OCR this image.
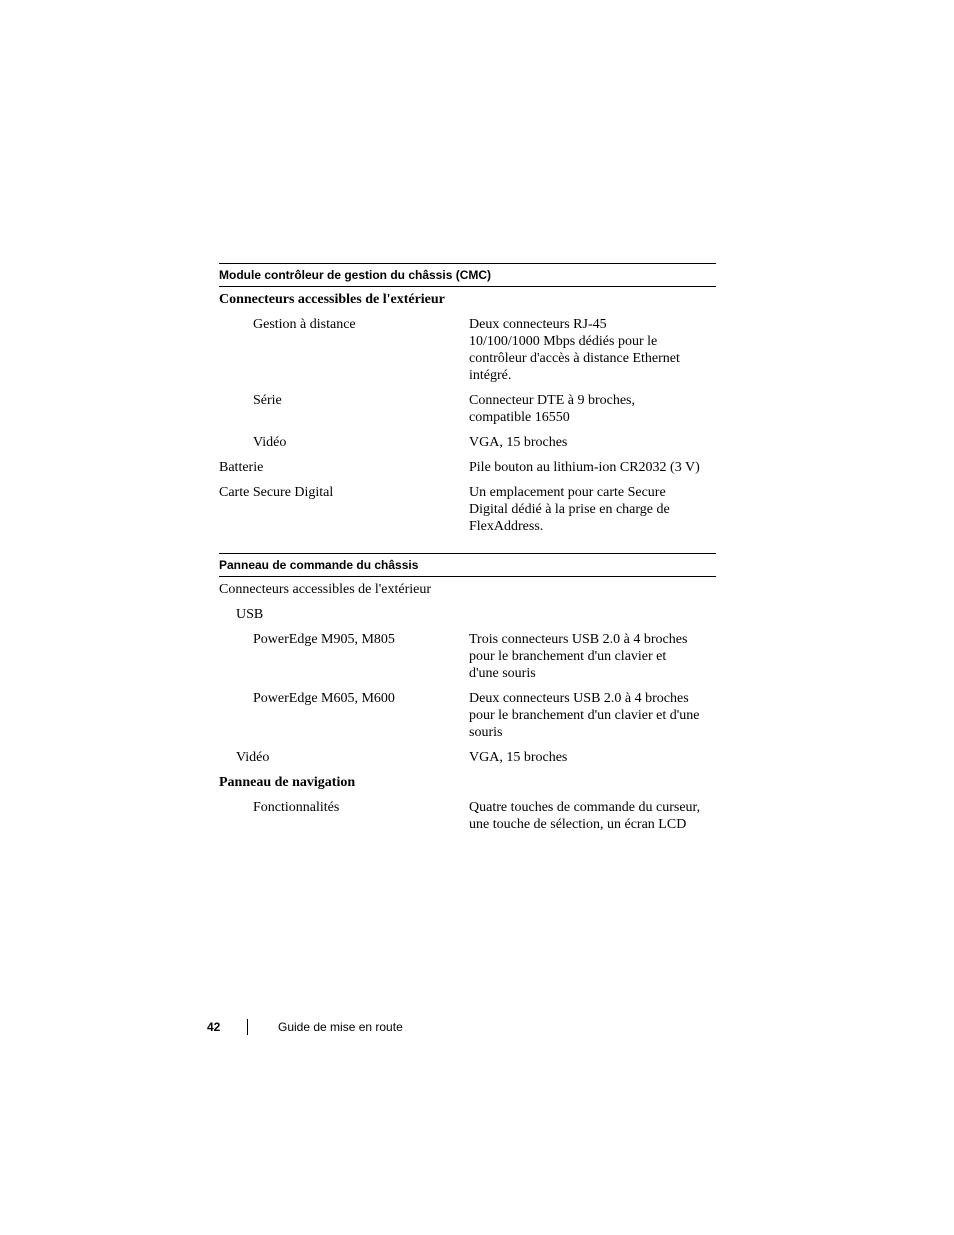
Module contrôleur de gestion du châssis (CMC)
Connecteurs accessibles de l'extérieur
Gestion à distance	Deux connecteurs RJ-45
10/100/1000 Mbps dédiés pour le
contrôleur d'accès à distance Ethernet
intégré.
Série	Connecteur DTE à 9 broches,
compatible 16550
Vidéo	VGA, 15 broches
Batterie	Pile bouton au lithium-ion CR2032 (3 V)
Carte Secure Digital	Un emplacement pour carte Secure
Digital dédié à la prise en charge de
FlexAddress.
Panneau de commande du châssis
Connecteurs accessibles de l'extérieur
USB
PowerEdge M905, M805	Trois connecteurs USB 2.0 à 4 broches
pour le branchement d'un clavier et
d'une souris
PowerEdge M605, M600	Deux connecteurs USB 2.0 à 4 broches
pour le branchement d'un clavier et d'une
souris
Vidéo	VGA, 15 broches
Panneau de navigation
Fonctionnalités	Quatre touches de commande du curseur,
une touche de sélection, un écran LCD
42	Guide de mise en route
